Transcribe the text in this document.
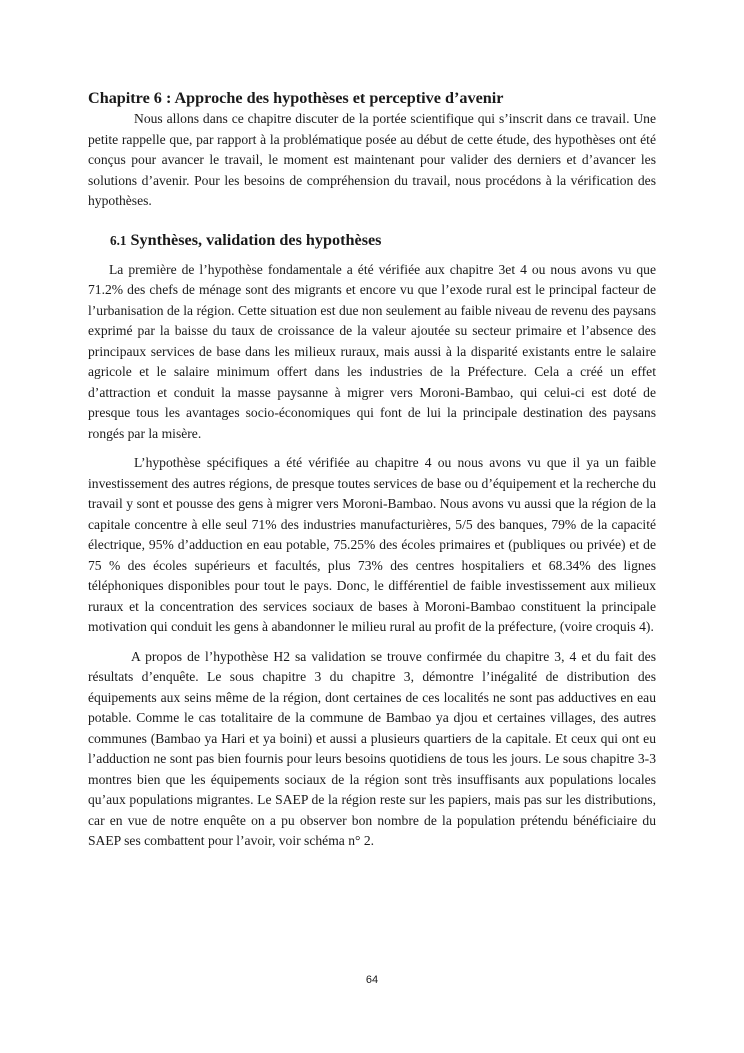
Chapitre 6 : Approche des hypothèses et perceptive d’avenir

Nous allons dans ce chapitre discuter de la portée scientifique qui s’inscrit dans ce travail. Une petite rappelle que, par rapport à la problématique posée au début de cette étude, des hypothèses ont été conçus pour avancer le travail, le moment est maintenant pour valider des derniers et d’avancer les solutions d’avenir. Pour les besoins de compréhension du travail, nous procédons à la vérification des hypothèses.

6.1 Synthèses, validation des hypothèses

La première de l’hypothèse fondamentale a été vérifiée aux chapitre 3et 4 ou nous avons vu que 71.2% des chefs de ménage sont des migrants et encore vu que l’exode rural est le principal facteur de l’urbanisation de la région. Cette situation est due non seulement au faible niveau de revenu des paysans exprimé par la baisse du taux de croissance de la valeur ajoutée su secteur primaire et l’absence des principaux services de base dans les milieux ruraux, mais aussi à la disparité existants entre le salaire agricole et le salaire minimum offert dans les industries de la Préfecture. Cela a créé un effet d’attraction et conduit la masse paysanne à migrer vers Moroni-Bambao, qui celui-ci est doté de presque tous les avantages socio-économiques qui font de lui la principale destination des paysans rongés par la misère.

L’hypothèse spécifiques a été vérifiée au chapitre 4 ou nous avons vu que il ya un faible investissement des autres régions, de presque toutes services de base ou d’équipement et la recherche du travail y sont et pousse des gens à migrer vers Moroni-Bambao. Nous avons vu aussi que la région de la capitale concentre à elle seul 71% des industries manufacturières, 5/5 des banques, 79% de la capacité électrique, 95% d’adduction en eau potable, 75.25% des écoles primaires et (publiques ou privée) et de 75 % des écoles supérieurs et facultés, plus 73% des centres hospitaliers et 68.34% des lignes téléphoniques disponibles pour tout le pays. Donc, le différentiel de faible investissement aux milieux ruraux et la concentration des services sociaux de bases à Moroni-Bambao constituent la principale motivation qui conduit les gens à abandonner le milieu rural au profit de la préfecture, (voire croquis 4).

A propos de l’hypothèse H2 sa validation se trouve confirmée du chapitre 3, 4 et du fait des résultats d’enquête. Le sous chapitre 3 du chapitre 3, démontre l’inégalité de distribution des équipements aux seins même de la région, dont certaines de ces localités ne sont pas adductives en eau potable. Comme le cas totalitaire de la commune de Bambao ya djou et certaines villages, des autres communes (Bambao ya Hari et ya boini) et aussi a plusieurs quartiers de la capitale. Et ceux qui ont eu l’adduction ne sont pas bien fournis pour leurs besoins quotidiens de tous les jours. Le sous chapitre 3-3 montres bien que les équipements sociaux de la région sont très insuffisants aux populations locales qu’aux populations migrantes. Le SAEP de la région reste sur les papiers, mais pas sur les distributions, car en vue de notre enquête on a pu observer bon nombre de la population prétendu bénéficiaire du SAEP ses combattent pour l’avoir, voir schéma n° 2.

64
